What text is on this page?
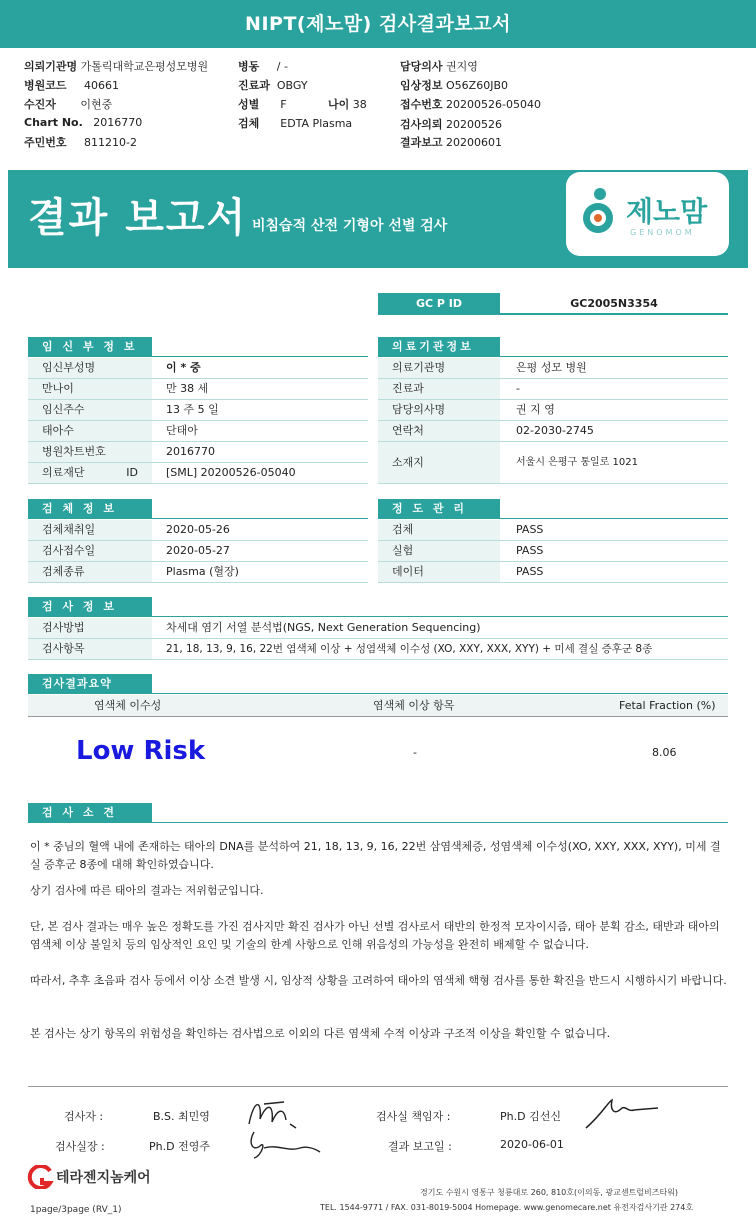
NIPT(제노맘) 검사결과보고서
의뢰기관명 가톨릭대학교은평성모병원	병동 / -	담당의사 권지영
병원코드 40661	진료과 OBGY	임상정보 O56Z60JB0
수진자 이현중	성별 F	나이 38	접수번호 20200526-05040
Chart No. 2016770	검체 EDTA Plasma	검사의뢰 20200526
주민번호 811210-2	결과보고 20200601
결과 보고서 비침습적 산전 기형아 선별 검사	제노맘
GENOMOM
GC P ID	GC2005N3354
임 신 부 정 보
임신부성명	이 * 중
만나이	만 38 세
임신주수	13 주 5 일
태아수	단태아
병원차트번호	2016770
의료재단 ID	[SML] 20200526-05040
의료기관정보
의료기관명	은평 성모 병원
진료과	-
담당의사명	권 지 영
연락처	02-2030-2745
소재지	서울시 은평구 통일로 1021
검 체 정 보
검체채취일	2020-05-26
검사접수일	2020-05-27
검체종류	Plasma (혈장)
정 도 관 리
검체	PASS
실험	PASS
데이터	PASS
검 사 정 보
검사방법	차세대 염기 서열 분석법(NGS, Next Generation Sequencing)
검사항목	21, 18, 13, 9, 16, 22번 염색체 이상 + 성염색체 이수성 (XO, XXY, XXX, XYY) + 미세 결실 증후군 8종
검사결과요약
염색체 이수성	염색체 이상 항목	Fetal Fraction (%)
Low Risk	-	8.06
검 사 소 견
이 * 중님의 혈액 내에 존재하는 태아의 DNA를 분석하여 21, 18, 13, 9, 16, 22번 삼염색체증, 성염색체 이수성(XO, XXY, XXX, XYY), 미세 결실 증후군 8종에 대해 확인하였습니다.
상기 검사에 따른 태아의 결과는 저위험군입니다.
단, 본 검사 결과는 매우 높은 정확도를 가진 검사지만 확진 검사가 아닌 선별 검사로서 태반의 한정적 모자이시즘, 태아 분획 감소, 태반과 태아의 염색체 이상 불일치 등의 임상적인 요인 및 기술의 한계 사항으로 인해 위음성의 가능성을 완전히 배제할 수 없습니다.
따라서, 추후 초음파 검사 등에서 이상 소견 발생 시, 임상적 상황을 고려하여 태아의 염색체 핵형 검사를 통한 확진을 반드시 시행하시기 바랍니다.
본 검사는 상기 항목의 위험성을 확인하는 검사법으로 이외의 다른 염색체 수적 이상과 구조적 이상을 확인할 수 없습니다.
검사자 :	B.S. 최민영	검사실 책임자 :	Ph.D 김선신
검사실장 :	Ph.D 전영주	결과 보고일 :	2020-06-01
테라젠지놈케어
경기도 수원시 영통구 청룡대로 260, 810호(이의동, 광교센트럴비즈타워)
TEL. 1544-9771 / FAX. 031-8019-5004 Homepage. www.genomecare.net 유전자검사기관 274호
1page/3page (RV_1)
